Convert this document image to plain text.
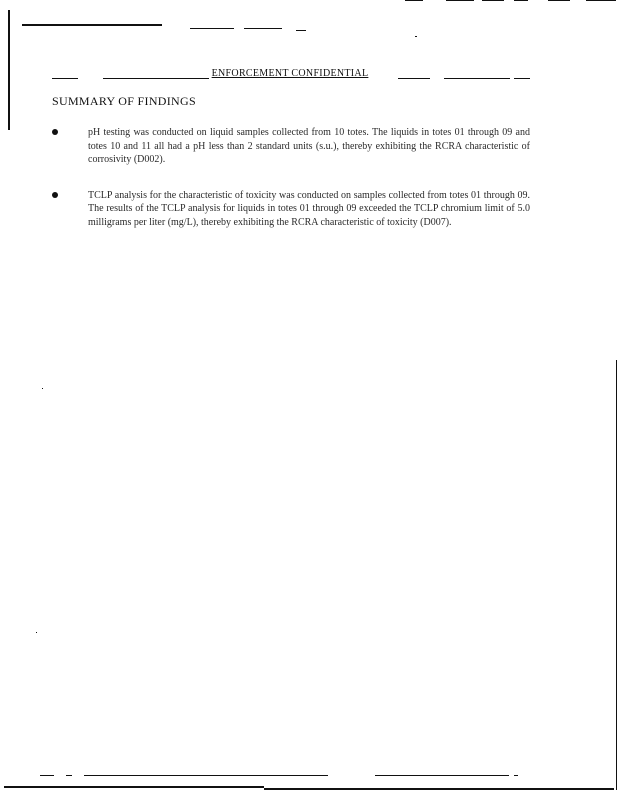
ENFORCEMENT CONFIDENTIAL
SUMMARY OF FINDINGS
pH testing was conducted on liquid samples collected from 10 totes. The liquids in totes 01 through 09 and totes 10 and 11 all had a pH less than 2 standard units (s.u.), thereby exhibiting the RCRA characteristic of corrosivity (D002).
TCLP analysis for the characteristic of toxicity was conducted on samples collected from totes 01 through 09. The results of the TCLP analysis for liquids in totes 01 through 09 exceeded the TCLP chromium limit of 5.0 milligrams per liter (mg/L), thereby exhibiting the RCRA characteristic of toxicity (D007).
